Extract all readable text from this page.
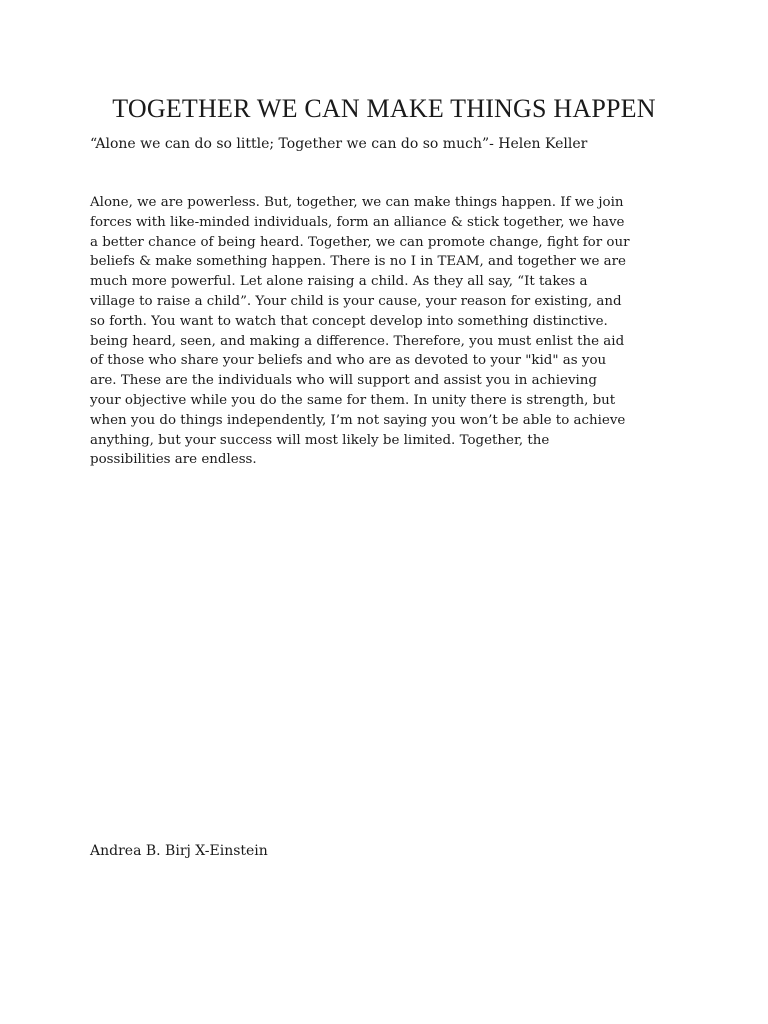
TOGETHER WE CAN MAKE THINGS HAPPEN

“Alone we can do so little; Together we can do so much”- Helen Keller

Alone, we are powerless. But, together, we can make things happen. If we join
forces with like-minded individuals, form an alliance & stick together, we have
a better chance of being heard. Together, we can promote change, fight for our
beliefs & make something happen. There is no I in TEAM, and together we are
much more powerful. Let alone raising a child. As they all say, “It takes a
village to raise a child”. Your child is your cause, your reason for existing, and
so forth. You want to watch that concept develop into something distinctive.
being heard, seen, and making a difference. Therefore, you must enlist the aid
of those who share your beliefs and who are as devoted to your "kid" as you
are. These are the individuals who will support and assist you in achieving
your objective while you do the same for them. In unity there is strength, but
when you do things independently, I’m not saying you won’t be able to achieve
anything, but your success will most likely be limited. Together, the
possibilities are endless.

Andrea B. Birj X-Einstein
